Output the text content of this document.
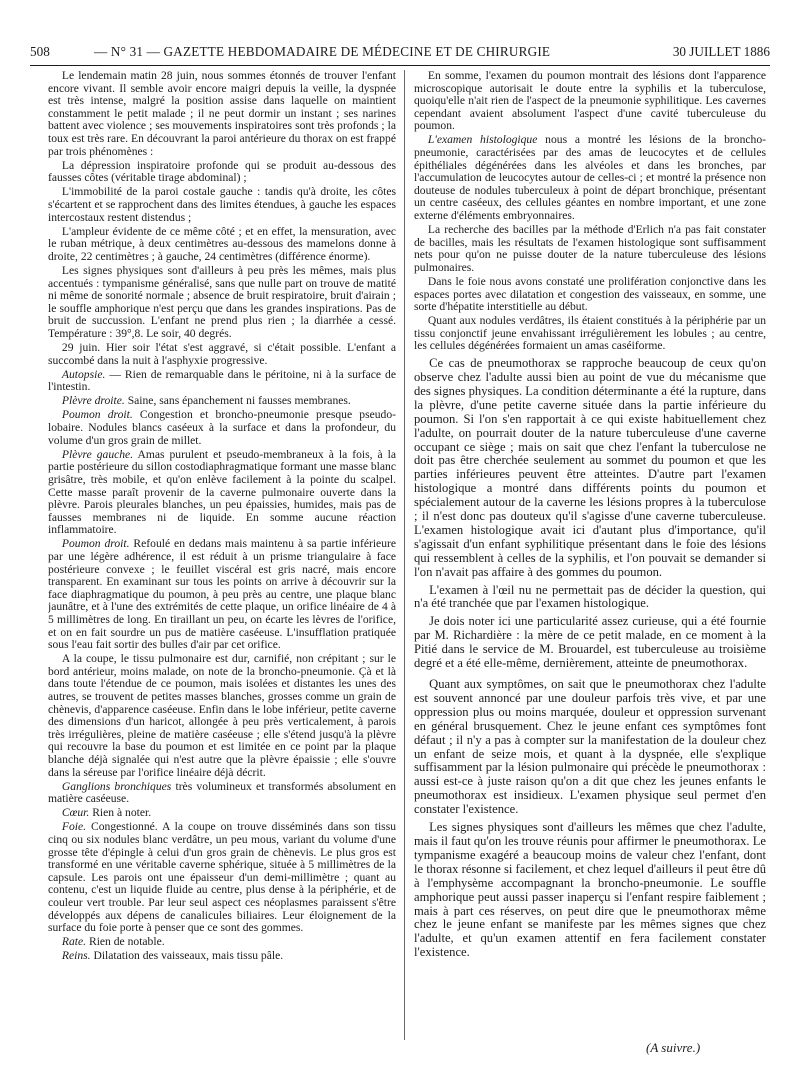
508	— N° 31 — GAZETTE HEBDOMADAIRE DE MÉDECINE ET DE CHIRURGIE	30 JUILLET 1886

Le lendemain matin 28 juin, nous sommes étonnés de trouver l'enfant encore vivant. Il semble avoir encore maigri depuis la veille, la dyspnée est très intense, malgré la position assise dans laquelle on maintient constamment le petit malade ; il ne peut dormir un instant ; ses narines battent avec violence ; ses mouvements inspiratoires sont très profonds ; la toux est très rare. En découvrant la paroi antérieure du thorax on est frappé par trois phénomènes :

La dépression inspiratoire profonde qui se produit au-dessous des fausses côtes (véritable tirage abdominal) ;

L'immobilité de la paroi costale gauche : tandis qu'à droite, les côtes s'écartent et se rapprochent dans des limites étendues, à gauche les espaces intercostaux restent distendus ;

L'ampleur évidente de ce même côté ; et en effet, la mensuration, avec le ruban métrique, à deux centimètres au-dessous des mamelons donne à droite, 22 centimètres ; à gauche, 24 centimètres (différence énorme).

Les signes physiques sont d'ailleurs à peu près les mêmes, mais plus accentués : tympanisme généralisé, sans que nulle part on trouve de matité ni même de sonorité normale ; absence de bruit respiratoire, bruit d'airain ; le souffle amphorique n'est perçu que dans les grandes inspirations. Pas de bruit de succussion. L'enfant ne prend plus rien ; la diarrhée a cessé. Température : 39°,8. Le soir, 40 degrés.

29 juin. Hier soir l'état s'est aggravé, si c'était possible. L'enfant a succombé dans la nuit à l'asphyxie progressive.

Autopsie. — Rien de remarquable dans le péritoine, ni à la surface de l'intestin.

Plèvre droite. Saine, sans épanchement ni fausses membranes.

Poumon droit. Congestion et broncho-pneumonie presque pseudo-lobaire. Nodules blancs caséeux à la surface et dans la profondeur, du volume d'un gros grain de millet.

Plèvre gauche. Amas purulent et pseudo-membraneux à la fois, à la partie postérieure du sillon costodiaphragmatique formant une masse blanc grisâtre, très mobile, et qu'on enlève facilement à la pointe du scalpel. Cette masse paraît provenir de la caverne pulmonaire ouverte dans la plèvre. Parois pleurales blanches, un peu épaissies, humides, mais pas de fausses membranes ni de liquide. En somme aucune réaction inflammatoire.

Poumon droit. Refoulé en dedans mais maintenu à sa partie inférieure par une légère adhérence, il est réduit à un prisme triangulaire à face postérieure convexe ; le feuillet viscéral est gris nacré, mais encore transparent. En examinant sur tous les points on arrive à découvrir sur la face diaphragmatique du poumon, à peu près au centre, une plaque blanc jaunâtre, et à l'une des extrémités de cette plaque, un orifice linéaire de 4 à 5 millimètres de long. En tiraillant un peu, on écarte les lèvres de l'orifice, et on en fait sourdre un pus de matière caséeuse. L'insufflation pratiquée sous l'eau fait sortir des bulles d'air par cet orifice.

A la coupe, le tissu pulmonaire est dur, carnifié, non crépitant ; sur le bord antérieur, moins malade, on note de la broncho-pneumonie. Çà et là dans toute l'étendue de ce poumon, mais isolées et distantes les unes des autres, se trouvent de petites masses blanches, grosses comme un grain de chènevis, d'apparence caséeuse. Enfin dans le lobe inférieur, petite caverne des dimensions d'un haricot, allongée à peu près verticalement, à parois très irrégulières, pleine de matière caséeuse ; elle s'étend jusqu'à la plèvre qui recouvre la base du poumon et est limitée en ce point par la plaque blanche déjà signalée qui n'est autre que la plèvre épaissie ; elle s'ouvre dans la séreuse par l'orifice linéaire déjà décrit.

Ganglions bronchiques très volumineux et transformés absolument en matière caséeuse.

Cœur. Rien à noter.

Foie. Congestionné. A la coupe on trouve disséminés dans son tissu cinq ou six nodules blanc verdâtre, un peu mous, variant du volume d'une grosse tête d'épingle à celui d'un gros grain de chènevis. Le plus gros est transformé en une véritable caverne sphérique, située à 5 millimètres de la capsule. Les parois ont une épaisseur d'un demi-millimètre ; quant au contenu, c'est un liquide fluide au centre, plus dense à la périphérie, et de couleur vert trouble. Par leur seul aspect ces néoplasmes paraissent s'être développés aux dépens de canalicules biliaires. Leur éloignement de la surface du foie porte à penser que ce sont des gommes.

Rate. Rien de notable.

Reins. Dilatation des vaisseaux, mais tissu pâle.

En somme, l'examen du poumon montrait des lésions dont l'apparence microscopique autorisait le doute entre la syphilis et la tuberculose, quoiqu'elle n'ait rien de l'aspect de la pneumonie syphilitique. Les cavernes cependant avaient absolument l'aspect d'une cavité tuberculeuse du poumon.

L'examen histologique nous a montré les lésions de la broncho-pneumonie, caractérisées par des amas de leucocytes et de cellules épithéliales dégénérées dans les alvéoles et dans les bronches, par l'accumulation de leucocytes autour de celles-ci ; et montré la présence non douteuse de nodules tuberculeux à point de départ bronchique, présentant un centre caséeux, des cellules géantes en nombre important, et une zone externe d'éléments embryonnaires.

La recherche des bacilles par la méthode d'Erlich n'a pas fait constater de bacilles, mais les résultats de l'examen histologique sont suffisamment nets pour qu'on ne puisse douter de la nature tuberculeuse des lésions pulmonaires.

Dans le foie nous avons constaté une prolifération conjonctive dans les espaces portes avec dilatation et congestion des vaisseaux, en somme, une sorte d'hépatite interstitielle au début.

Quant aux nodules verdâtres, ils étaient constitués à la périphérie par un tissu conjonctif jeune envahissant irrégulièrement les lobules ; au centre, les cellules dégénérées formaient un amas caséiforme.

Ce cas de pneumothorax se rapproche beaucoup de ceux qu'on observe chez l'adulte aussi bien au point de vue du mécanisme que des signes physiques. La condition déterminante a été la rupture, dans la plèvre, d'une petite caverne située dans la partie inférieure du poumon. Si l'on s'en rapportait à ce qui existe habituellement chez l'adulte, on pourrait douter de la nature tuberculeuse d'une caverne occupant ce siège ; mais on sait que chez l'enfant la tuberculose ne doit pas être cherchée seulement au sommet du poumon et que les parties inférieures peuvent être atteintes. D'autre part l'examen histologique a montré dans différents points du poumon et spécialement autour de la caverne les lésions propres à la tuberculose ; il n'est donc pas douteux qu'il s'agisse d'une caverne tuberculeuse. L'examen histologique avait ici d'autant plus d'importance, qu'il s'agissait d'un enfant syphilitique présentant dans le foie des lésions qui ressemblent à celles de la syphilis, et l'on pouvait se demander si l'on n'avait pas affaire à des gommes du poumon.

L'examen à l'œil nu ne permettait pas de décider la question, qui n'a été tranchée que par l'examen histologique.

Je dois noter ici une particularité assez curieuse, qui a été fournie par M. Richardière : la mère de ce petit malade, en ce moment à la Pitié dans le service de M. Brouardel, est tuberculeuse au troisième degré et a été elle-même, dernièrement, atteinte de pneumothorax.

Quant aux symptômes, on sait que le pneumothorax chez l'adulte est souvent annoncé par une douleur parfois très vive, et par une oppression plus ou moins marquée, douleur et oppression survenant en général brusquement. Chez le jeune enfant ces symptômes font défaut ; il n'y a pas à compter sur la manifestation de la douleur chez un enfant de seize mois, et quant à la dyspnée, elle s'explique suffisamment par la lésion pulmonaire qui précède le pneumothorax : aussi est-ce à juste raison qu'on a dit que chez les jeunes enfants le pneumothorax est insidieux. L'examen physique seul permet d'en constater l'existence.

Les signes physiques sont d'ailleurs les mêmes que chez l'adulte, mais il faut qu'on les trouve réunis pour affirmer le pneumothorax. Le tympanisme exagéré a beaucoup moins de valeur chez l'enfant, dont le thorax résonne si facilement, et chez lequel d'ailleurs il peut être dû à l'emphysème accompagnant la broncho-pneumonie. Le souffle amphorique peut aussi passer inaperçu si l'enfant respire faiblement ; mais à part ces réserves, on peut dire que le pneumothorax même chez le jeune enfant se manifeste par les mêmes signes que chez l'adulte, et qu'un examen attentif en fera facilement constater l'existence.

(A suivre.)
